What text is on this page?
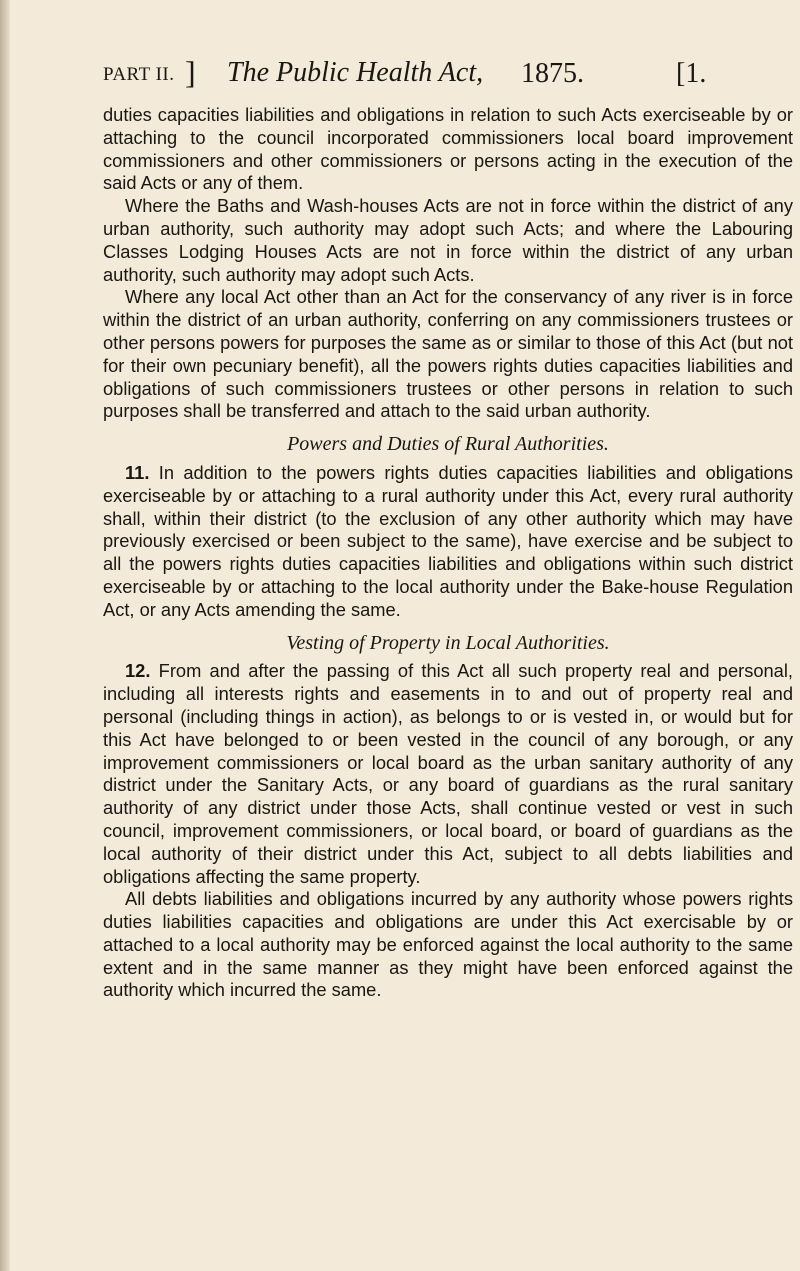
PART II. ] The Public Health Act, 1875.	[1.

duties capacities liabilities and obligations in relation to such Acts exerciseable by or attaching to the council incorporated commissioners local board improvement commissioners and other commissioners or persons acting in the execution of the said Acts or any of them.

Where the Baths and Wash-houses Acts are not in force within the district of any urban authority, such authority may adopt such Acts; and where the Labouring Classes Lodging Houses Acts are not in force within the district of any urban authority, such authority may adopt such Acts.

Where any local Act other than an Act for the conservancy of any river is in force within the district of an urban authority, conferring on any commissioners trustees or other persons powers for purposes the same as or similar to those of this Act (but not for their own pecuniary benefit), all the powers rights duties capacities liabilities and obligations of such commissioners trustees or other persons in relation to such purposes shall be transferred and attach to the said urban authority.

Powers and Duties of Rural Authorities.

11. In addition to the powers rights duties capacities liabilities and obligations exerciseable by or attaching to a rural authority under this Act, every rural authority shall, within their district (to the exclusion of any other authority which may have previously exercised or been subject to the same), have exercise and be subject to all the powers rights duties capacities liabilities and obligations within such district exerciseable by or attaching to the local authority under the Bake-house Regulation Act, or any Acts amending the same.

Vesting of Property in Local Authorities.

12. From and after the passing of this Act all such property real and personal, including all interests rights and easements in to and out of property real and personal (including things in action), as belongs to or is vested in, or would but for this Act have belonged to or been vested in the council of any borough, or any improvement commissioners or local board as the urban sanitary authority of any district under the Sanitary Acts, or any board of guardians as the rural sanitary authority of any district under those Acts, shall continue vested or vest in such council, improvement commissioners, or local board, or board of guardians as the local authority of their district under this Act, subject to all debts liabilities and obligations affecting the same property.

All debts liabilities and obligations incurred by any authority whose powers rights duties liabilities capacities and obligations are under this Act exercisable by or attached to a local authority may be enforced against the local authority to the same extent and in the same manner as they might have been enforced against the authority which incurred the same.
